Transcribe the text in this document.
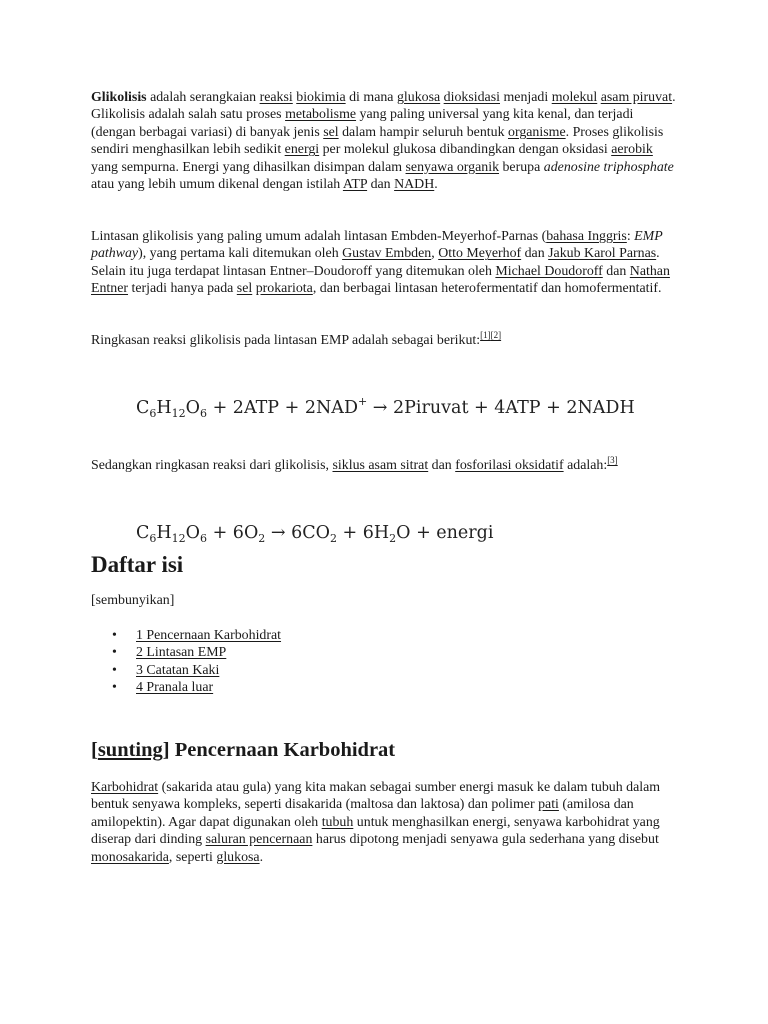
Glikolisis adalah serangkaian reaksi biokimia di mana glukosa dioksidasi menjadi molekul asam piruvat. Glikolisis adalah salah satu proses metabolisme yang paling universal yang kita kenal, dan terjadi (dengan berbagai variasi) di banyak jenis sel dalam hampir seluruh bentuk organisme. Proses glikolisis sendiri menghasilkan lebih sedikit energi per molekul glukosa dibandingkan dengan oksidasi aerobik yang sempurna. Energi yang dihasilkan disimpan dalam senyawa organik berupa adenosine triphosphate atau yang lebih umum dikenal dengan istilah ATP dan NADH.

Lintasan glikolisis yang paling umum adalah lintasan Embden-Meyerhof-Parnas (bahasa Inggris: EMP pathway), yang pertama kali ditemukan oleh Gustav Embden, Otto Meyerhof dan Jakub Karol Parnas. Selain itu juga terdapat lintasan Entner–Doudoroff yang ditemukan oleh Michael Doudoroff dan Nathan Entner terjadi hanya pada sel prokariota, dan berbagai lintasan heterofermentatif dan homofermentatif.

Ringkasan reaksi glikolisis pada lintasan EMP adalah sebagai berikut:[1][2]

$C_6H_{12}O_6 + 2ATP + 2NAD^+$ → 2Piruvat + 4ATP + 2NADH

Sedangkan ringkasan reaksi dari glikolisis, siklus asam sitrat dan fosforilasi oksidatif adalah:[3]

$C_6H_{12}O_6 + 6O_2 \to 6CO_2 + 6H_2O$ + energi
Daftar isi
[sembunyikan]
• 1 Pencernaan Karbohidrat
• 2 Lintasan EMP
• 3 Catatan Kaki
• 4 Pranala luar
[sunting] Pencernaan Karbohidrat

Karbohidrat (sakarida atau gula) yang kita makan sebagai sumber energi masuk ke dalam tubuh dalam bentuk senyawa kompleks, seperti disakarida (maltosa dan laktosa) dan polimer pati (amilosa dan amilopektin). Agar dapat digunakan oleh tubuh untuk menghasilkan energi, senyawa karbohidrat yang diserap dari dinding saluran pencernaan harus dipotong menjadi senyawa gula sederhana yang disebut monosakarida, seperti glukosa.
